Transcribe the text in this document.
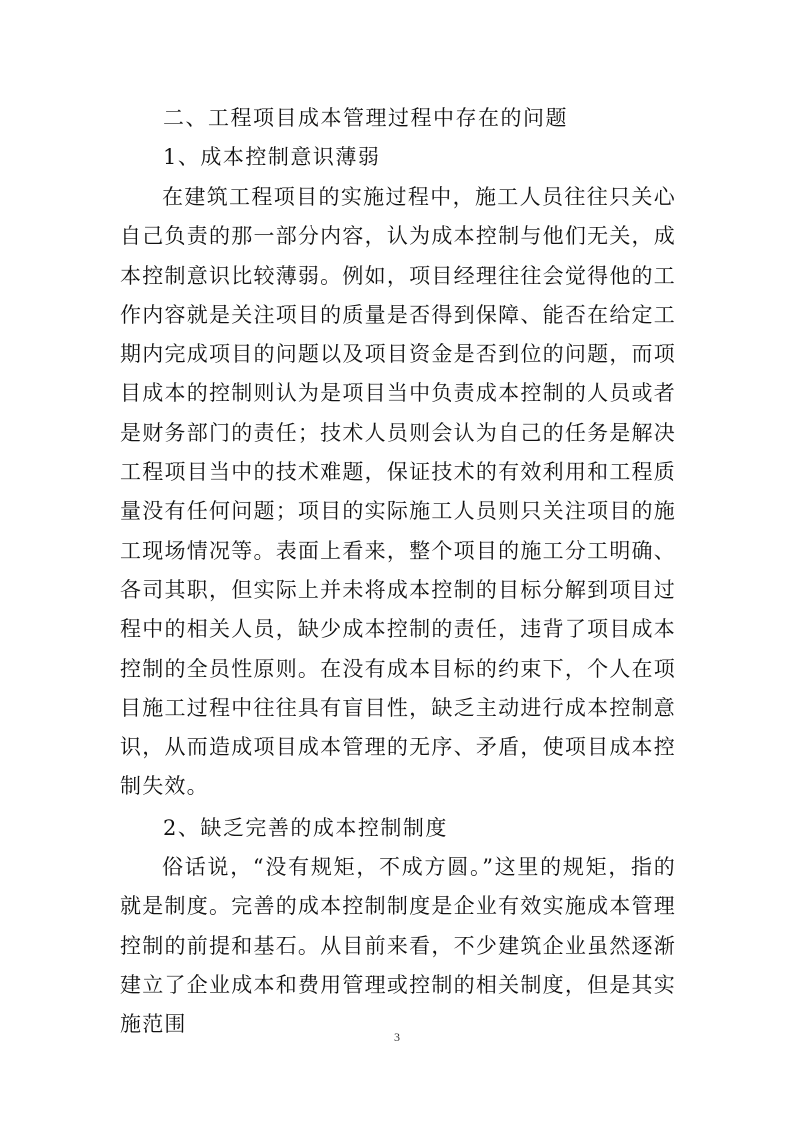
二、工程项目成本管理过程中存在的问题
1、成本控制意识薄弱

在建筑工程项目的实施过程中，施工人员往往只关心自己负责的那一部分内容，认为成本控制与他们无关，成本控制意识比较薄弱。例如，项目经理往往会觉得他的工作内容就是关注项目的质量是否得到保障、能否在给定工期内完成项目的问题以及项目资金是否到位的问题，而项目成本的控制则认为是项目当中负责成本控制的人员或者是财务部门的责任；技术人员则会认为自己的任务是解决工程项目当中的技术难题，保证技术的有效利用和工程质量没有任何问题；项目的实际施工人员则只关注项目的施工现场情况等。表面上看来，整个项目的施工分工明确、各司其职，但实际上并未将成本控制的目标分解到项目过程中的相关人员，缺少成本控制的责任，违背了项目成本控制的全员性原则。在没有成本目标的约束下，个人在项目施工过程中往往具有盲目性，缺乏主动进行成本控制意识，从而造成项目成本管理的无序、矛盾，使项目成本控制失效。

2、缺乏完善的成本控制制度

俗话说，“没有规矩，不成方圆。”这里的规矩，指的就是制度。完善的成本控制制度是企业有效实施成本管理控制的前提和基石。从目前来看，不少建筑企业虽然逐渐建立了企业成本和费用管理或控制的相关制度，但是其实施范围

3
